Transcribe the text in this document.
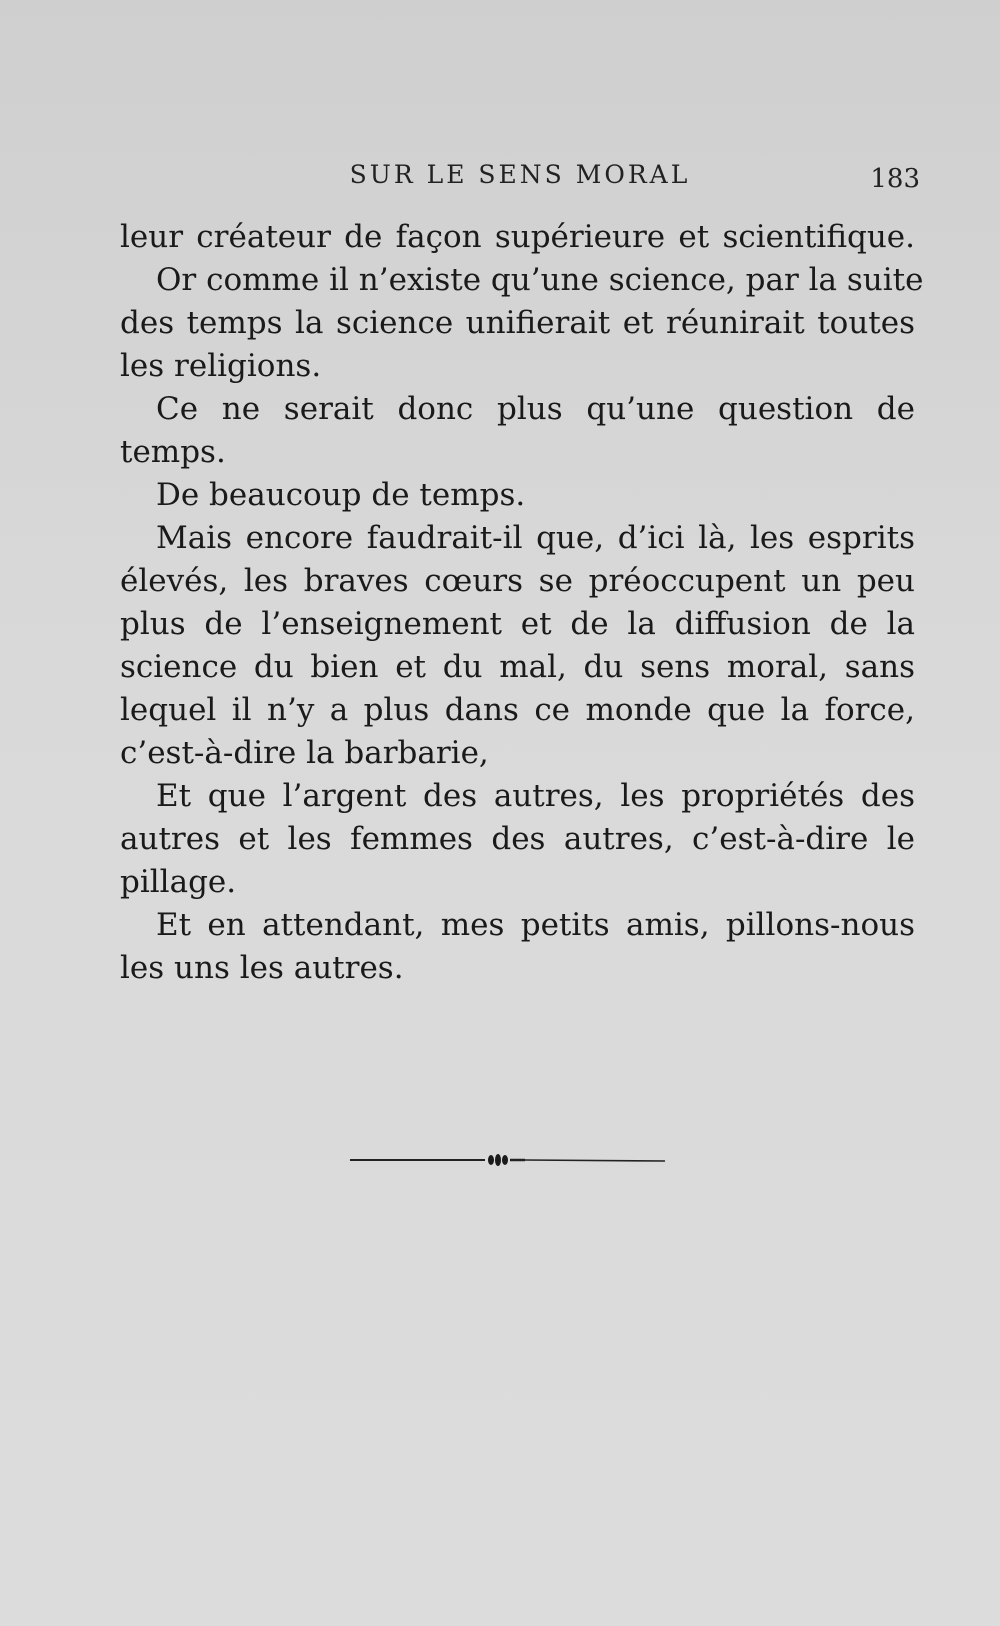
SUR LE SENS MORAL	183
leur créateur de façon supérieure et scientifique.
Or comme il n’existe qu’une science, par la suite
des temps la science unifierait et réunirait toutes
les religions.
Ce ne serait donc plus qu’une question de
temps.
De beaucoup de temps.
Mais encore faudrait-il que, d’ici là, les esprits
élevés, les braves cœurs se préoccupent un peu
plus de l’enseignement et de la diffusion de la
science du bien et du mal, du sens moral, sans
lequel il n’y a plus dans ce monde que la force,
c’est-à-dire la barbarie,
Et que l’argent des autres, les propriétés des
autres et les femmes des autres, c’est-à-dire le
pillage.
Et en attendant, mes petits amis, pillons-nous
les uns les autres.
